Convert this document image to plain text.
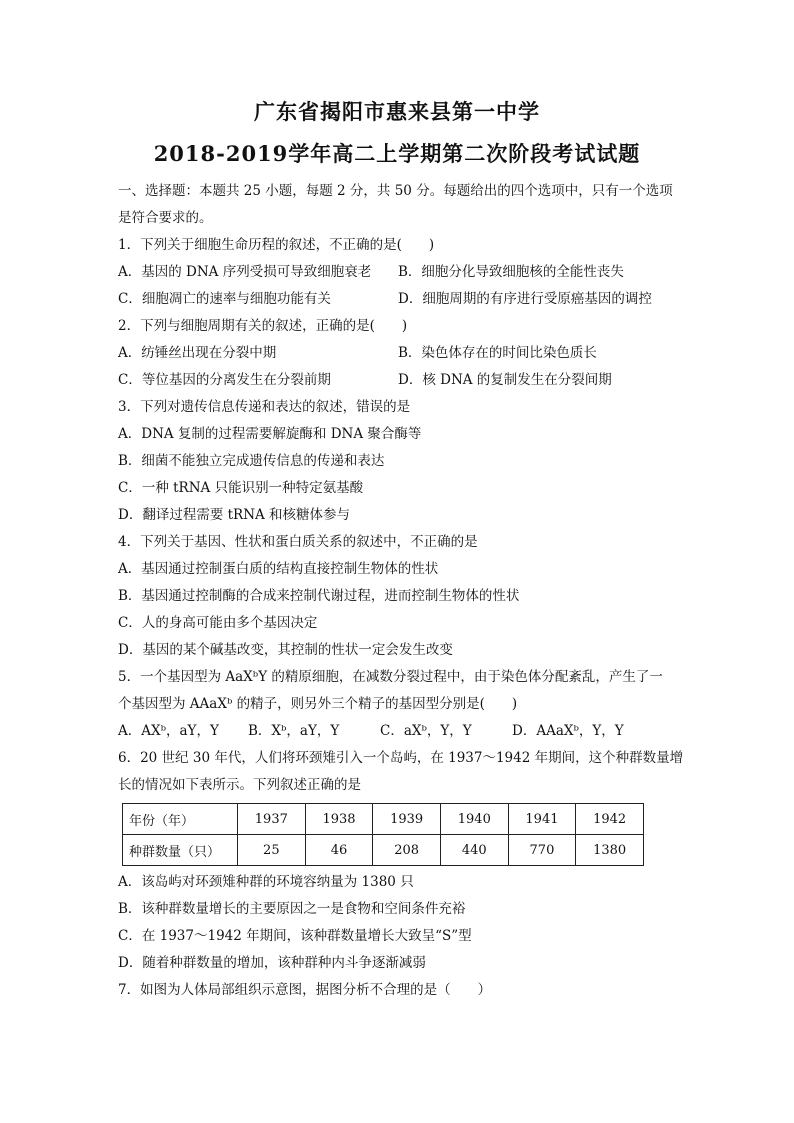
广东省揭阳市惠来县第一中学
2018-2019学年高二上学期第二次阶段考试试题
一、选择题：本题共 25 小题，每题 2 分，共 50 分。每题给出的四个选项中，只有一个选项
是符合要求的。
1．下列关于细胞生命历程的叙述，不正确的是(　　)
A．基因的 DNA 序列受损可导致细胞衰老	B．细胞分化导致细胞核的全能性丧失
C．细胞凋亡的速率与细胞功能有关	D．细胞周期的有序进行受原癌基因的调控
2．下列与细胞周期有关的叙述，正确的是(　　)
A．纺锤丝出现在分裂中期	B．染色体存在的时间比染色质长
C．等位基因的分离发生在分裂前期	D．核 DNA 的复制发生在分裂间期
3．下列对遗传信息传递和表达的叙述，错误的是
A．DNA 复制的过程需要解旋酶和 DNA 聚合酶等
B．细菌不能独立完成遗传信息的传递和表达
C．一种 tRNA 只能识别一种特定氨基酸
D．翻译过程需要 tRNA 和核糖体参与
4．下列关于基因、性状和蛋白质关系的叙述中，不正确的是
A．基因通过控制蛋白质的结构直接控制生物体的性状
B．基因通过控制酶的合成来控制代谢过程，进而控制生物体的性状
C．人的身高可能由多个基因决定
D．基因的某个碱基改变，其控制的性状一定会发生改变
5．一个基因型为 AaXᵇY 的精原细胞，在减数分裂过程中，由于染色体分配紊乱，产生了一
个基因型为 AAaXᵇ 的精子，则另外三个精子的基因型分别是(　　)
A．AXᵇ，aY，Y	B．Xᵇ，aY，Y	C．aXᵇ，Y，Y	D．AAaXᵇ，Y，Y
6．20 世纪 30 年代，人们将环颈雉引入一个岛屿，在 1937～1942 年期间，这个种群数量增
长的情况如下表所示。下列叙述正确的是
年份（年）	1937	1938	1939	1940	1941	1942
种群数量（只）	25	46	208	440	770	1380
A．该岛屿对环颈雉种群的环境容纳量为 1380 只
B．该种群数量增长的主要原因之一是食物和空间条件充裕
C．在 1937～1942 年期间，该种群数量增长大致呈“S”型
D．随着种群数量的增加，该种群种内斗争逐渐减弱
7．如图为人体局部组织示意图，据图分析不合理的是（　　）
